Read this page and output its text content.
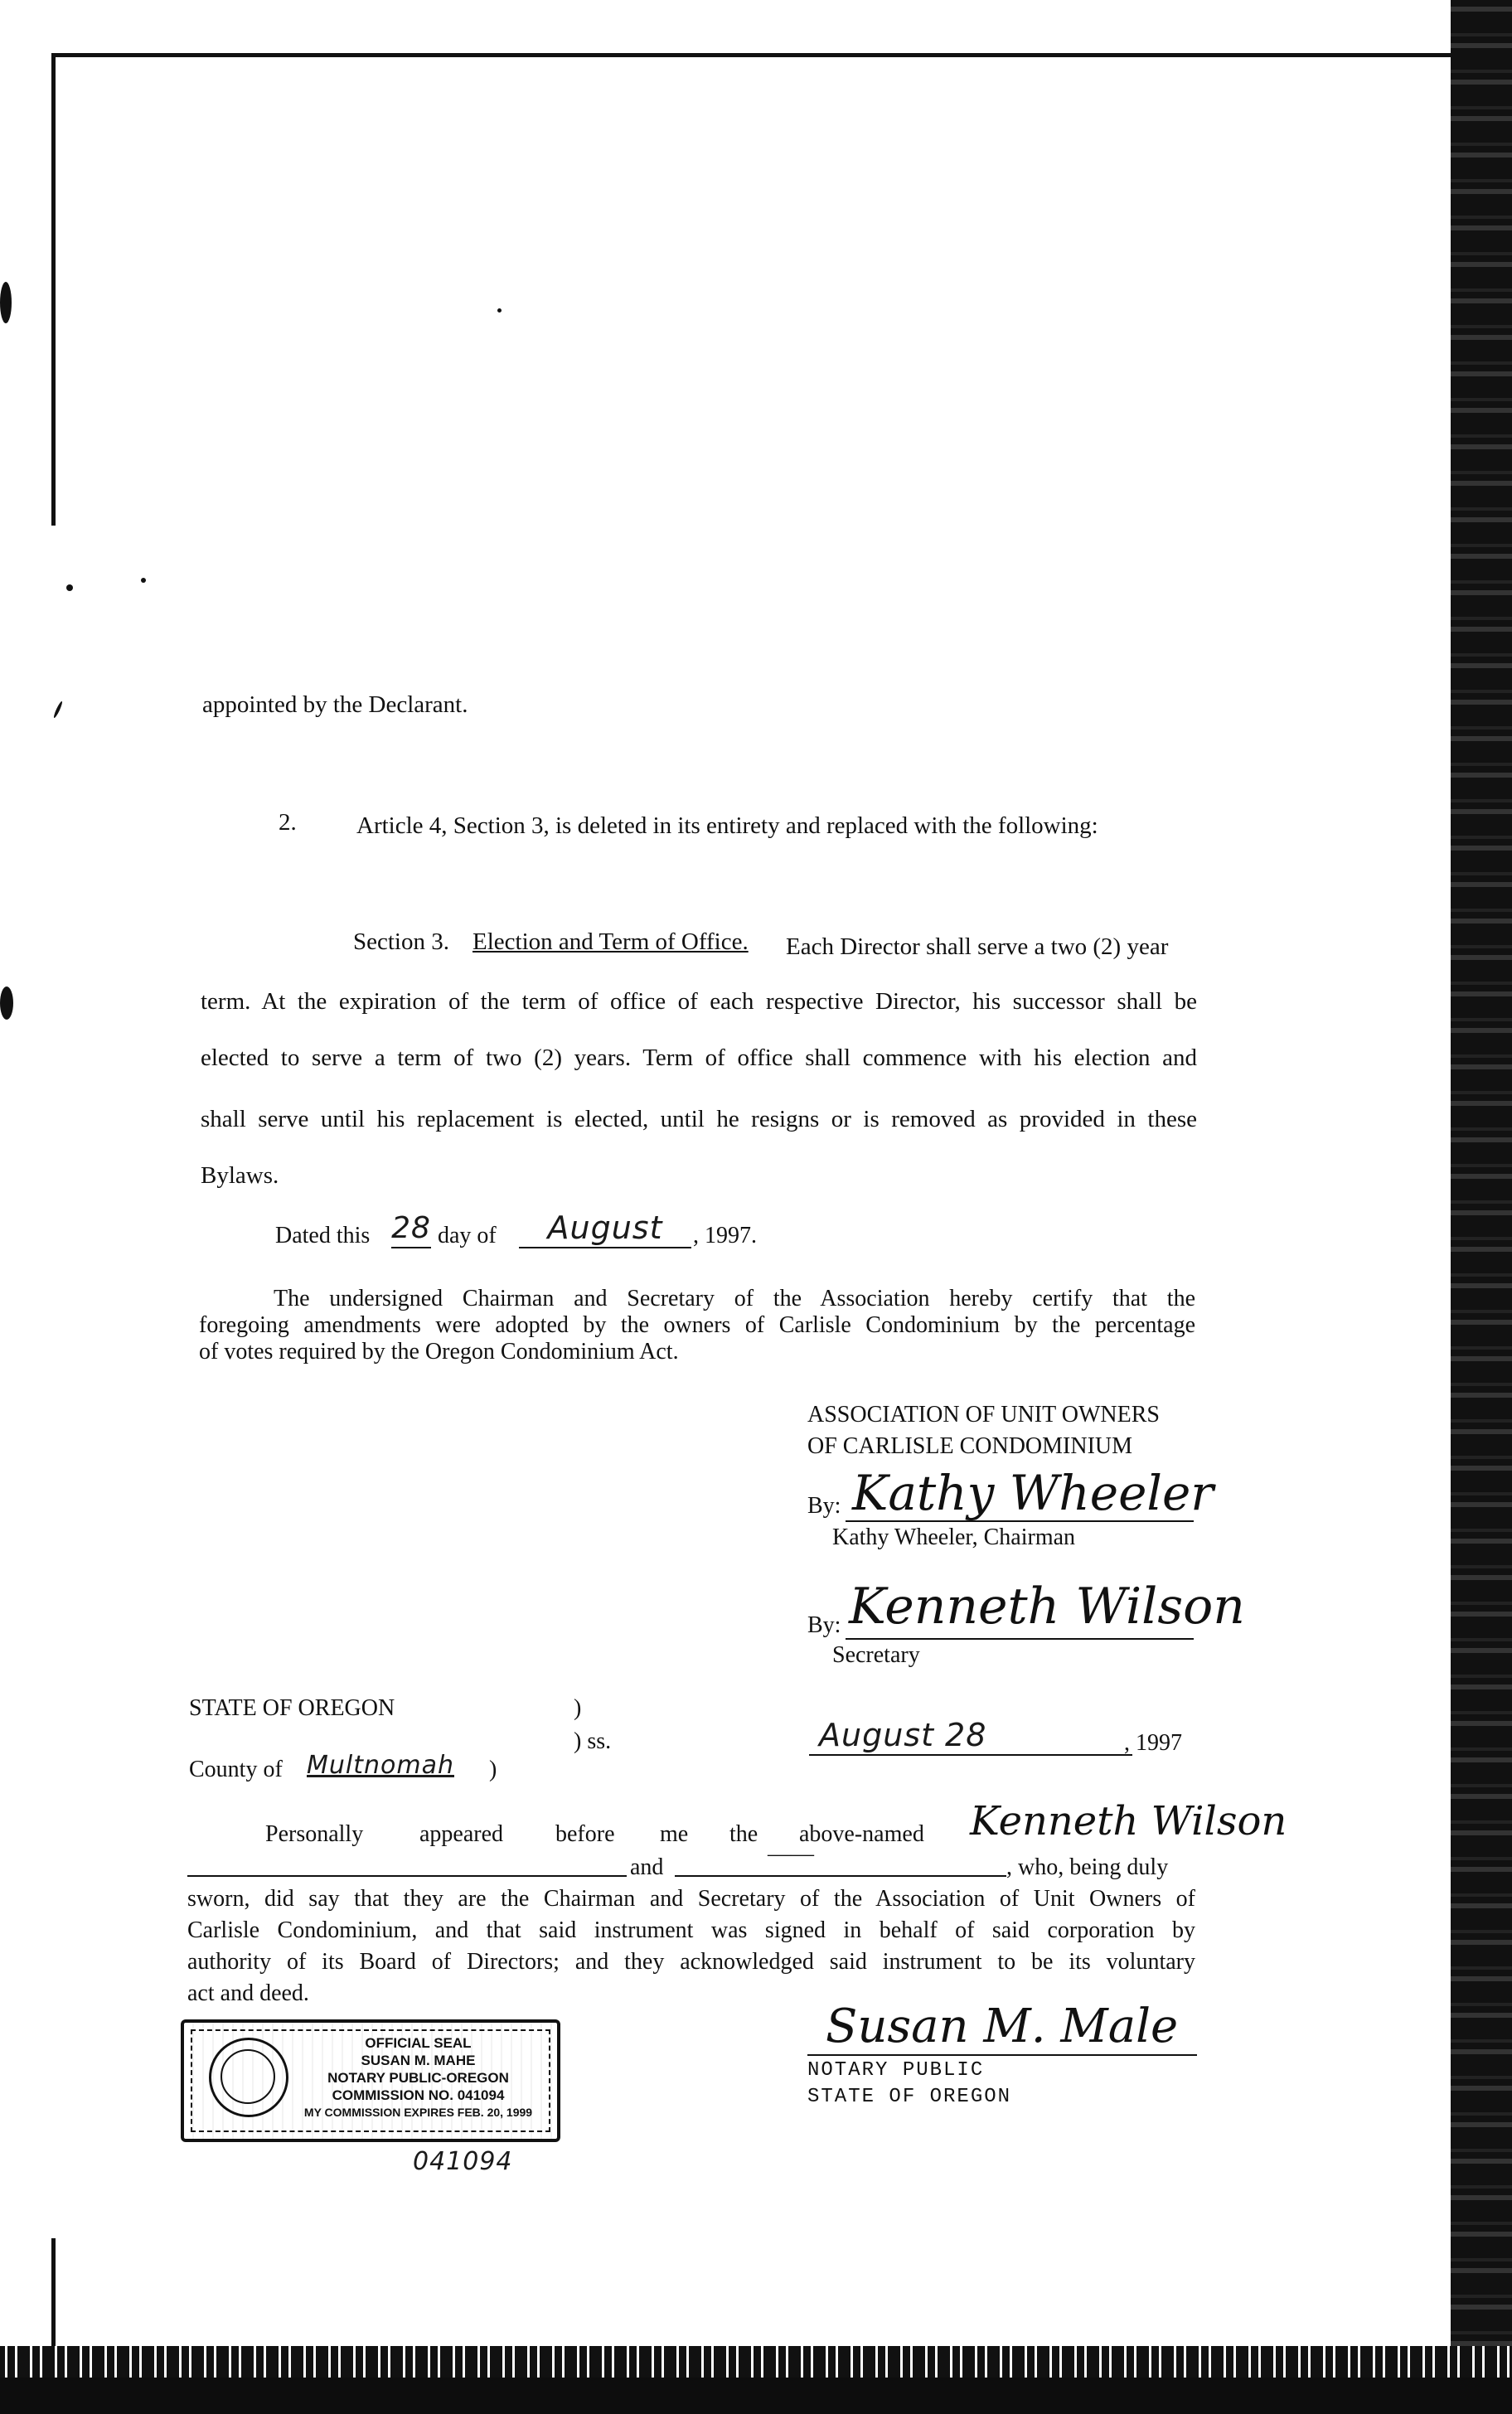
appointed by the Declarant.
2. Article 4, Section 3, is deleted in its entirety and replaced with the following:
Section 3. Election and Term of Office. Each Director shall serve a two (2) year
term. At the expiration of the term of office of each respective Director, his successor shall be
elected to serve a term of two (2) years. Term of office shall commence with his election and
shall serve until his replacement is elected, until he resigns or is removed as provided in these
Bylaws.
Dated this 28 day of	August	, 1997.
The undersigned Chairman and Secretary of the Association hereby certify that the
foregoing amendments were adopted by the owners of Carlisle Condominium by the percentage
of votes required by the Oregon Condominium Act.
ASSOCIATION OF UNIT OWNERS
OF CARLISLE CONDOMINIUM
By: Kathy Wheeler
Kathy Wheeler, Chairman
By: Kenneth Wilson
Secretary
STATE OF OREGON	)
) ss.	August 28	, 1997
County of Multnomah )
Personally appeared before me the above-named Kenneth Wilson
and
——
, who, being duly
sworn, did say that they are the Chairman and Secretary of the Association of Unit Owners of
Carlisle Condominium, and that said instrument was signed in behalf of said corporation by
authority of its Board of Directors; and they acknowledged said instrument to be its voluntary
act and deed.
OFFICIAL SEAL
SUSAN M. MAHE
NOTARY PUBLIC-OREGON
COMMISSION NO. 041094
MY COMMISSION EXPIRES FEB. 20, 1999
041094
Susan M. Male
NOTARY PUBLIC
STATE OF OREGON
